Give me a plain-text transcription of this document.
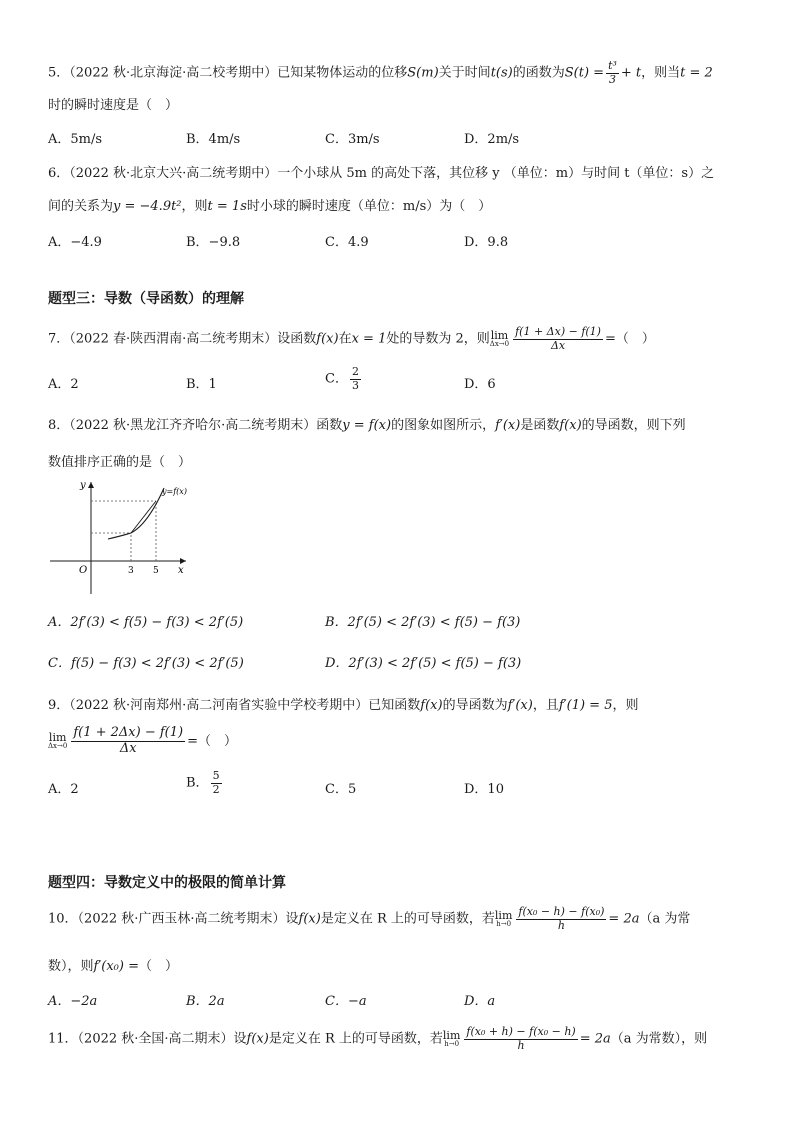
5．（2022 秋·北京海淀·高二校考期中）已知某物体运动的位移S(m)关于时间t(s)的函数为$S(t) = \frac{\text{t³}}{3} + t$，则当t = 2
时的瞬时速度是（　）
A．5m/s	B．4m/s	C．3m/s	D．2m/s
6．（2022 秋·北京大兴·高二统考期中）一个小球从 5m 的高处下落，其位移 y （单位：m）与时间 t（单位：s）之
间的关系为y = −4.9t²，则t = 1s时小球的瞬时速度（单位：m/s）为（　）
A．−4.9	B．−9.8	C．4.9	D．9.8
题型三：导数（导函数）的理解
7．（2022 春·陕西渭南·高二统考期末）设函数f(x)在x = 1处的导数为 2，则lim
$\Delta x\to 0 \frac{f(1 + \Delta x) - f(1)}{\Delta x}$ =（　）
A．2	B．1	C． $\frac{2}{3}$	D．6
8．（2022 秋·黑龙江齐齐哈尔·高二统考期末）函数y = f(x)的图象如图所示，f′(x)是函数f(x)的导函数，则下列
数值排序正确的是（　）
y
x
O	3 5
y=f(x)
A．2f′(3) < f(5) − f(3) < 2f′(5)	B．2f′(5) < 2f′(3) < f(5) − f(3)
C．f(5) − f(3) < 2f′(3) < 2f′(5)	D．2f′(3) < 2f′(5) < f(5) − f(3)
9．（2022 秋·河南郑州·高二河南省实验中学校考期中）已知函数f(x)的导函数为f′(x)，且f′(1) = 5，则
lim
$\Delta x\to 0 \frac{f(1 + 2\Delta x) - f(1)}{\Delta x}$ =（　）
A．2	B． $\frac{5}{2}$	C．5	D．10
题型四：导数定义中的极限的简单计算
10．（2022 秋·广西玉林·高二统考期末）设f(x)是定义在 R 上的可导函数，若lim
$h\to 0 \frac{\text{f(x₀ − h) − f(x₀)}}{h} = 2a(a$ 为常
数），则f′(x₀) =（　）
A．−2a	B．2a	C．−a	D．a
11．（2022 秋·全国·高二期末）设f(x)是定义在 R 上的可导函数，若lim
$h\to 0 \frac{\text{f(x₀ + h) − f(x₀ − h)}}{h} = 2a(a$ 为常数），则
